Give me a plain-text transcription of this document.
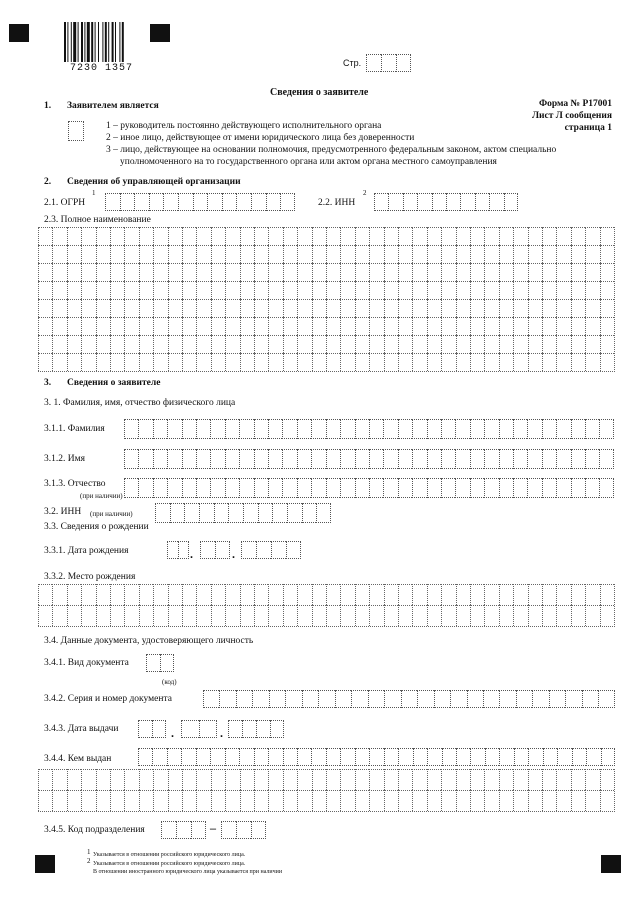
7230 1357	Стр.
Сведения о заявителе
Форма № Р17001
Лист Л сообщения
страница 1
1. Заявителем является
1 – руководитель постоянно действующего исполнительного органа
2 – иное лицо, действующее от имени юридического лица без доверенности
3 – лицо, действующее на основании полномочия, предусмотренного федеральным законом, актом специально
уполномоченного на то государственного органа или актом органа местного самоуправления
2. Сведения об управляющей организации
2.1. ОГРН
1
2.2. ИНН
2
2.3. Полное наименование
3. Сведения о заявителе
3. 1. Фамилия, имя, отчество физического лица
3.1.1. Фамилия
3.1.2. Имя
3.1.3. Отчество
(при наличии)
3.2. ИНН (при наличии)
3.3. Сведения о рождении
3.3.1. Дата рождения	.	.
3.3.2. Место рождения
3.4. Данные документа, удостоверяющего личность
3.4.1. Вид документа
(код)
3.4.2. Серия и номер документа
3.4.3. Дата выдачи	.	.
3.4.4. Кем выдан
3.4.5. Код подразделения	–
1 Указывается в отношении российского юридического лица.
2 Указывается в отношении российского юридического лица.
В отношении иностранного юридического лица указывается при наличии
